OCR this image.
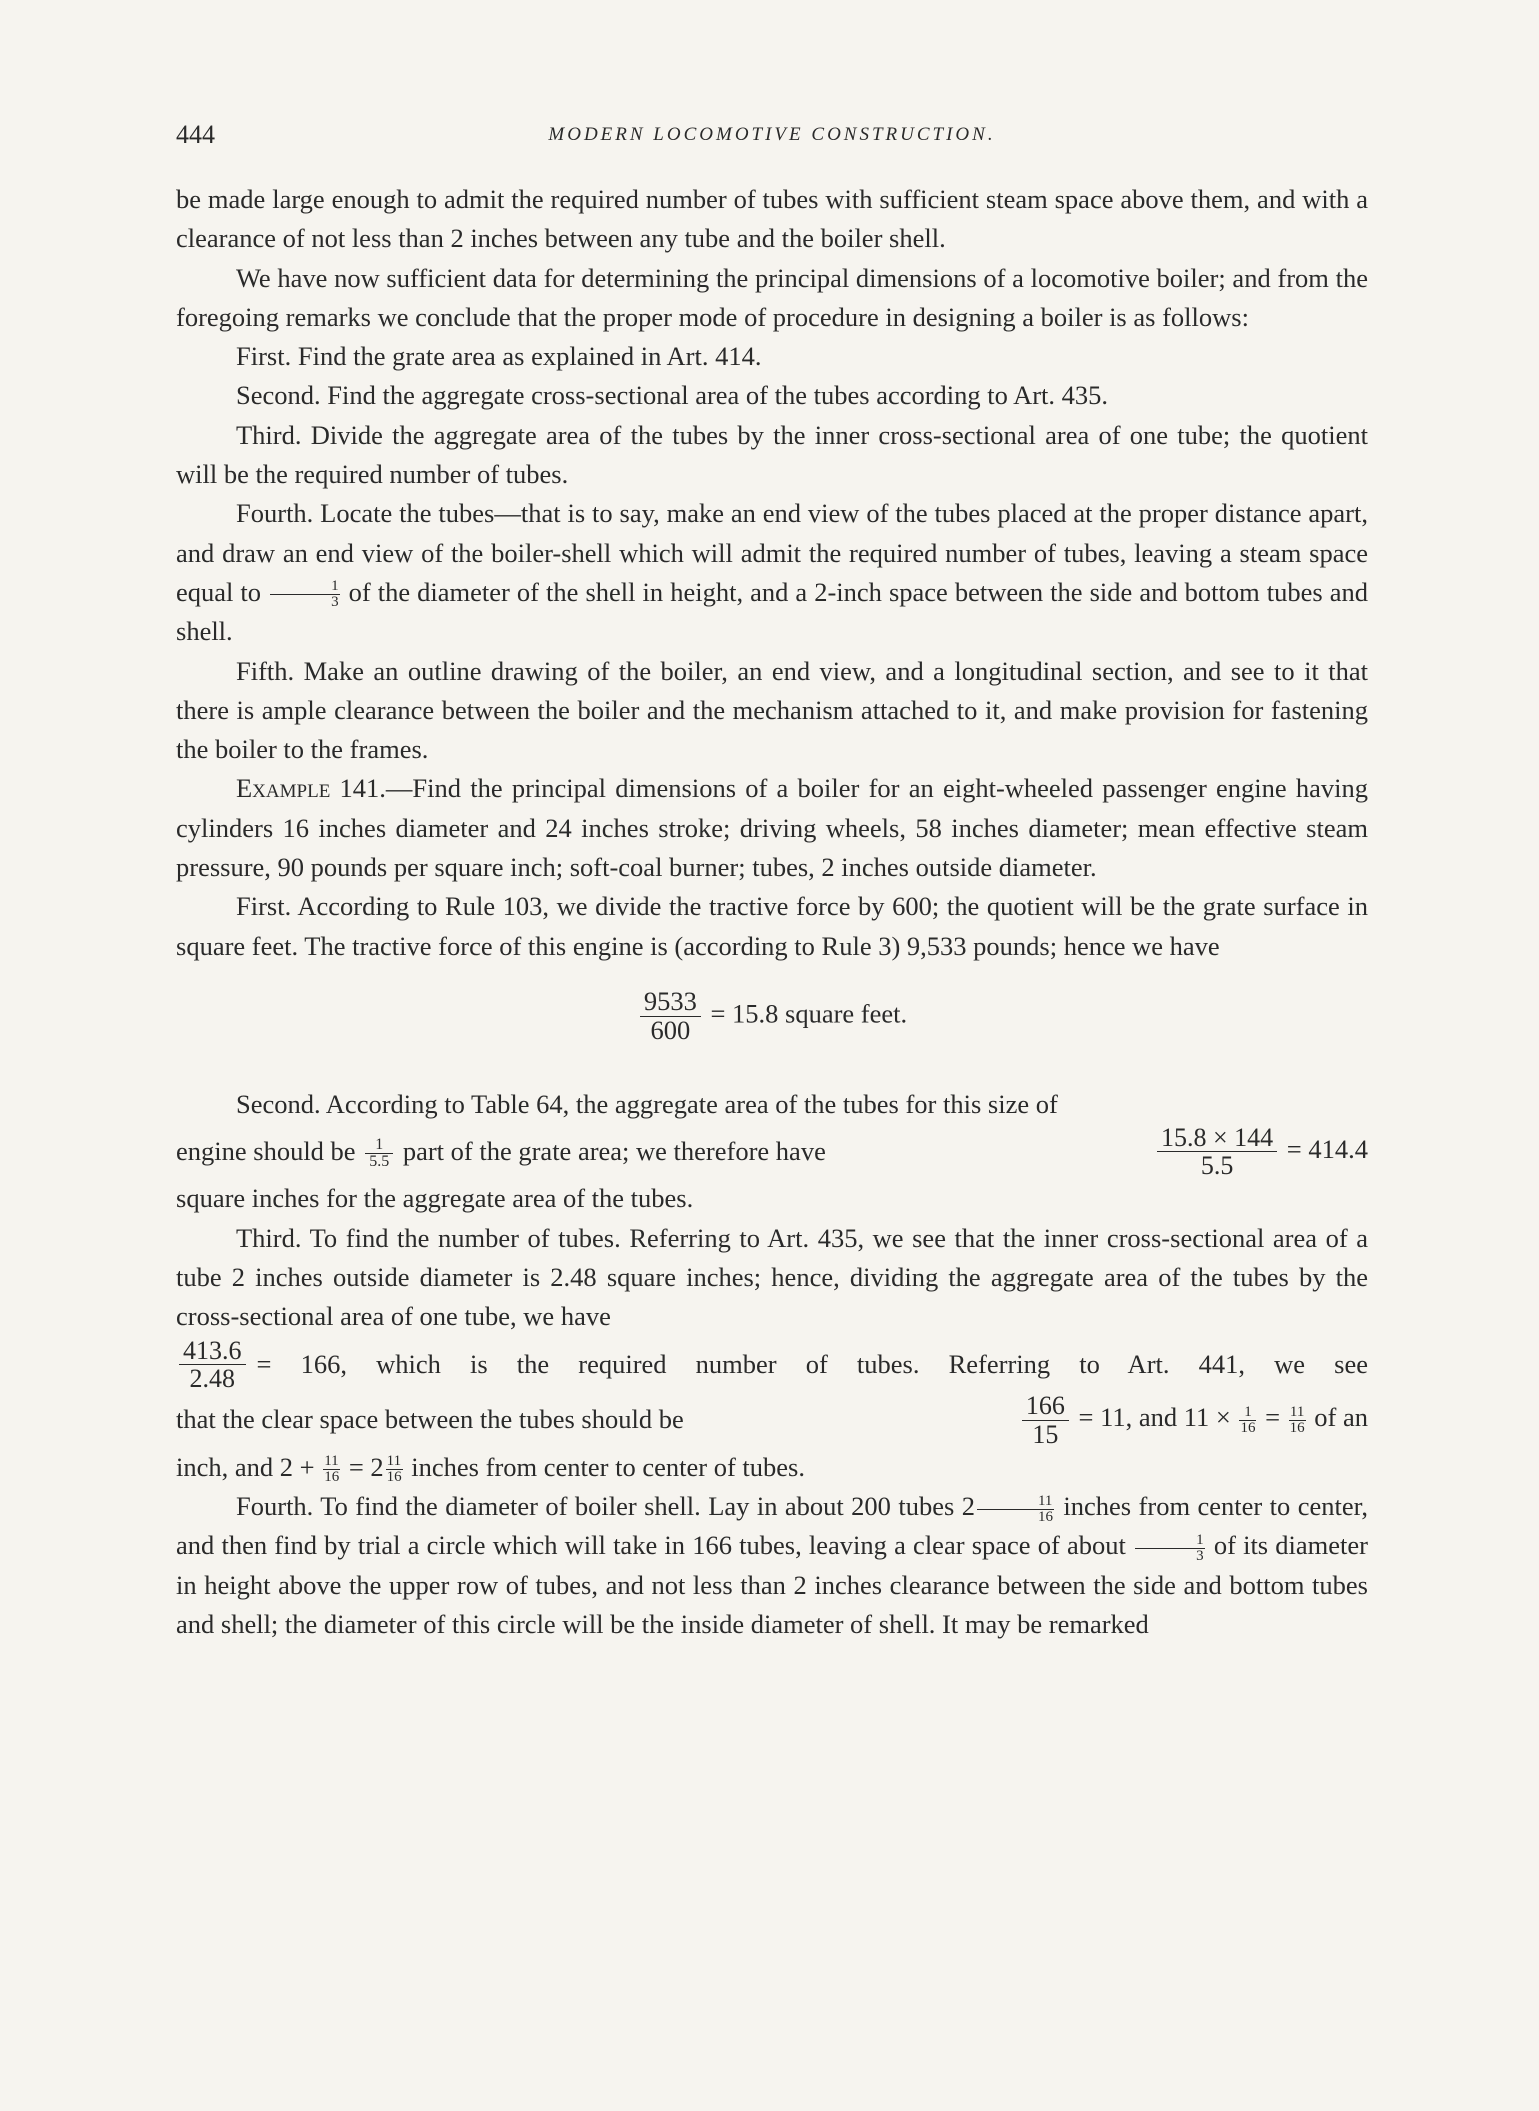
444	MODERN LOCOMOTIVE CONSTRUCTION.

be made large enough to admit the required number of tubes with sufficient steam space above them, and with a clearance of not less than 2 inches between any tube and the boiler shell.

We have now sufficient data for determining the principal dimensions of a locomotive boiler; and from the foregoing remarks we conclude that the proper mode of procedure in designing a boiler is as follows:

First. Find the grate area as explained in Art. 414.

Second. Find the aggregate cross-sectional area of the tubes according to Art. 435.

Third. Divide the aggregate area of the tubes by the inner cross-sectional area of one tube; the quotient will be the required number of tubes.

Fourth. Locate the tubes—that is to say, make an end view of the tubes placed at the proper distance apart, and draw an end view of the boiler-shell which will admit the required number of tubes, leaving a steam space equal to $\frac{1}{3}$ of the diameter of the shell in height, and a 2-inch space between the side and bottom tubes and shell.

Fifth. Make an outline drawing of the boiler, an end view, and a longitudinal section, and see to it that there is ample clearance between the boiler and the mechanism attached to it, and make provision for fastening the boiler to the frames.

Example 141.—Find the principal dimensions of a boiler for an eight-wheeled passenger engine having cylinders 16 inches diameter and 24 inches stroke; driving wheels, 58 inches diameter; mean effective steam pressure, 90 pounds per square inch; soft-coal burner; tubes, 2 inches outside diameter.

First. According to Rule 103, we divide the tractive force by 600; the quotient will be the grate surface in square feet. The tractive force of this engine is (according to Rule 3) 9,533 pounds; hence we have

$\frac{9533}{600} = 15.8$ square feet.

Second. According to Table 64, the aggregate area of the tubes for this size of

engine should be $\frac{1}{5.5}$ part of the grate area; we therefore have	$\frac{15.8 \times 144}{5.5} = 414.4$

square inches for the aggregate area of the tubes.

Third. To find the number of tubes. Referring to Art. 435, we see that the inner cross-sectional area of a tube 2 inches outside diameter is 2.48 square inches; hence, dividing the aggregate area of the tubes by the cross-sectional area of one tube, we have

$\frac{413.6}{2.48} = 166$, which is the required number of tubes. Referring to Art. 441, we see
that the clear space between the tubes should be	$\frac{166}{15} = 11$, and $11 \times \frac{1}{16} = \frac{11}{16}$ of an

inch, and $2 + \frac{11}{16} = 2 \frac{11}{16}$ inches from center to center of tubes.

Fourth. To find the diameter of boiler shell. Lay in about 200 tubes $2 \frac{11}{16}$ inches from center to center, and then find by trial a circle which will take in 166 tubes, leaving a clear space of about $\frac{1}{3}$ of its diameter in height above the upper row of tubes, and not less than 2 inches clearance between the side and bottom tubes and shell; the diameter of this circle will be the inside diameter of shell. It may be remarked
